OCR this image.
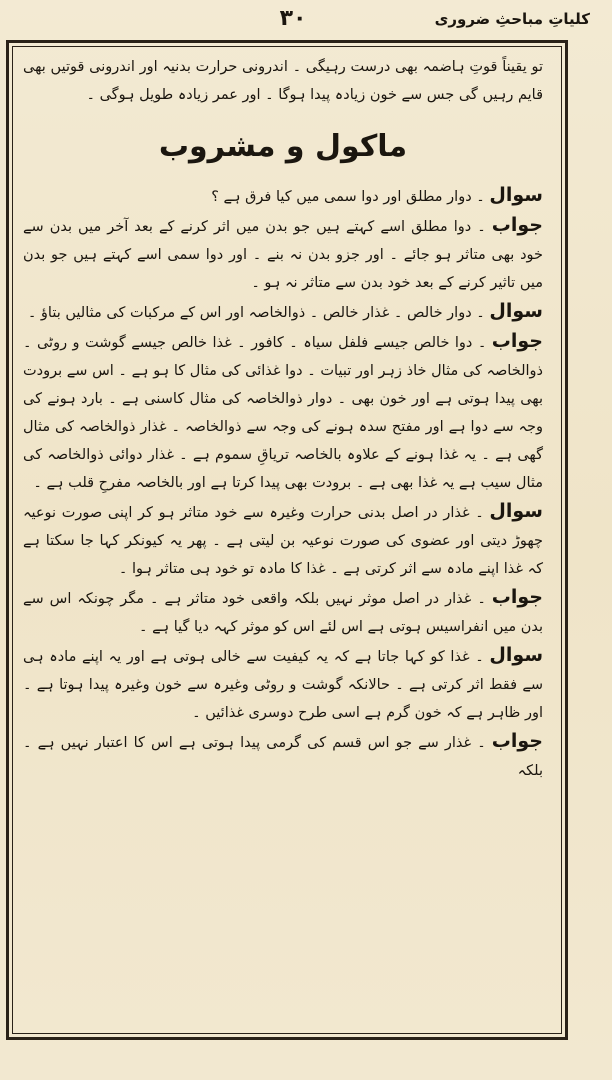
۳۰	کلیاتِ مباحثِ ضروری

تو یقیناً قوتِ ہاضمہ بھی درست رہیگی ۔ اندرونی حرارت بدنیہ اور اندرونی قوتیں بھی قایم رہیں گی جس سے خون زیادہ پیدا ہوگا ۔ اور عمر زیادہ طویل ہوگی ۔

ماکول و مشروب

سوال ۔ دوار مطلق اور دوا سمی میں کیا فرق ہے ؟

جواب ۔ دوا مطلق اسے کہتے ہیں جو بدن میں اثر کرنے کے بعد آخر میں بدن سے خود بھی متاثر ہو جائے ۔ اور جزو بدن نہ بنے ۔ اور دوا سمی اسے کہتے ہیں جو بدن میں تاثیر کرنے کے بعد خود بدن سے متاثر نہ ہو ۔

سوال ۔ دوار خالص ۔ غذار خالص ۔ ذوالخاصہ اور اس کے مرکبات کی مثالیں بتاؤ ۔

جواب ۔ دوا خالص جیسے فلفل سیاہ ۔ کافور ۔ غذا خالص جیسے گوشت و روٹی ۔ ذوالخاصہ کی مثال خاذ زہر اور تبیات ۔ دوا غذائی کی مثال کا ہو ہے ۔ اس سے برودت بھی پیدا ہوتی ہے اور خون بھی ۔ دوار ذوالخاصہ کی مثال کاسنی ہے ۔ بارد ہونے کی وجہ سے دوا ہے اور مفتح سدہ ہونے کی وجہ سے ذوالخاصہ ۔ غذار ذوالخاصہ کی مثال گھی ہے ۔ یہ غذا ہونے کے علاوہ بالخاصہ تریاقِ سموم ہے ۔ غذار دوائی ذوالخاصہ کی مثال سیب ہے یہ غذا بھی ہے ۔ برودت بھی پیدا کرتا ہے اور بالخاصہ مفرحِ قلب ہے ۔

سوال ۔ غذار در اصل بدنی حرارت وغیرہ سے خود متاثر ہو کر اپنی صورت نوعیہ چھوڑ دیتی اور عضوی کی صورت نوعیہ بن لیتی ہے ۔ پھر یہ کیونکر کہا جا سکتا ہے کہ غذا اپنے مادہ سے اثر کرتی ہے ۔ غذا کا مادہ تو خود ہی متاثر ہوا ۔

جواب ۔ غذار در اصل موثر نہیں بلکہ واقعی خود متاثر ہے ۔ مگر چونکہ اس سے بدن میں انفراسیس ہوتی ہے اس لئے اس کو موثر کہہ دیا گیا ہے ۔

سوال ۔ غذا کو کہا جاتا ہے کہ یہ کیفیت سے خالی ہوتی ہے اور یہ اپنے مادہ ہی سے فقط اثر کرتی ہے ۔ حالانکہ گوشت و روٹی وغیرہ سے خون وغیرہ پیدا ہوتا ہے ۔ اور ظاہر ہے کہ خون گرم ہے اسی طرح دوسری غذائیں ۔

جواب ۔ غذار سے جو اس قسم کی گرمی پیدا ہوتی ہے اس کا اعتبار نہیں ہے ۔ بلکہ
